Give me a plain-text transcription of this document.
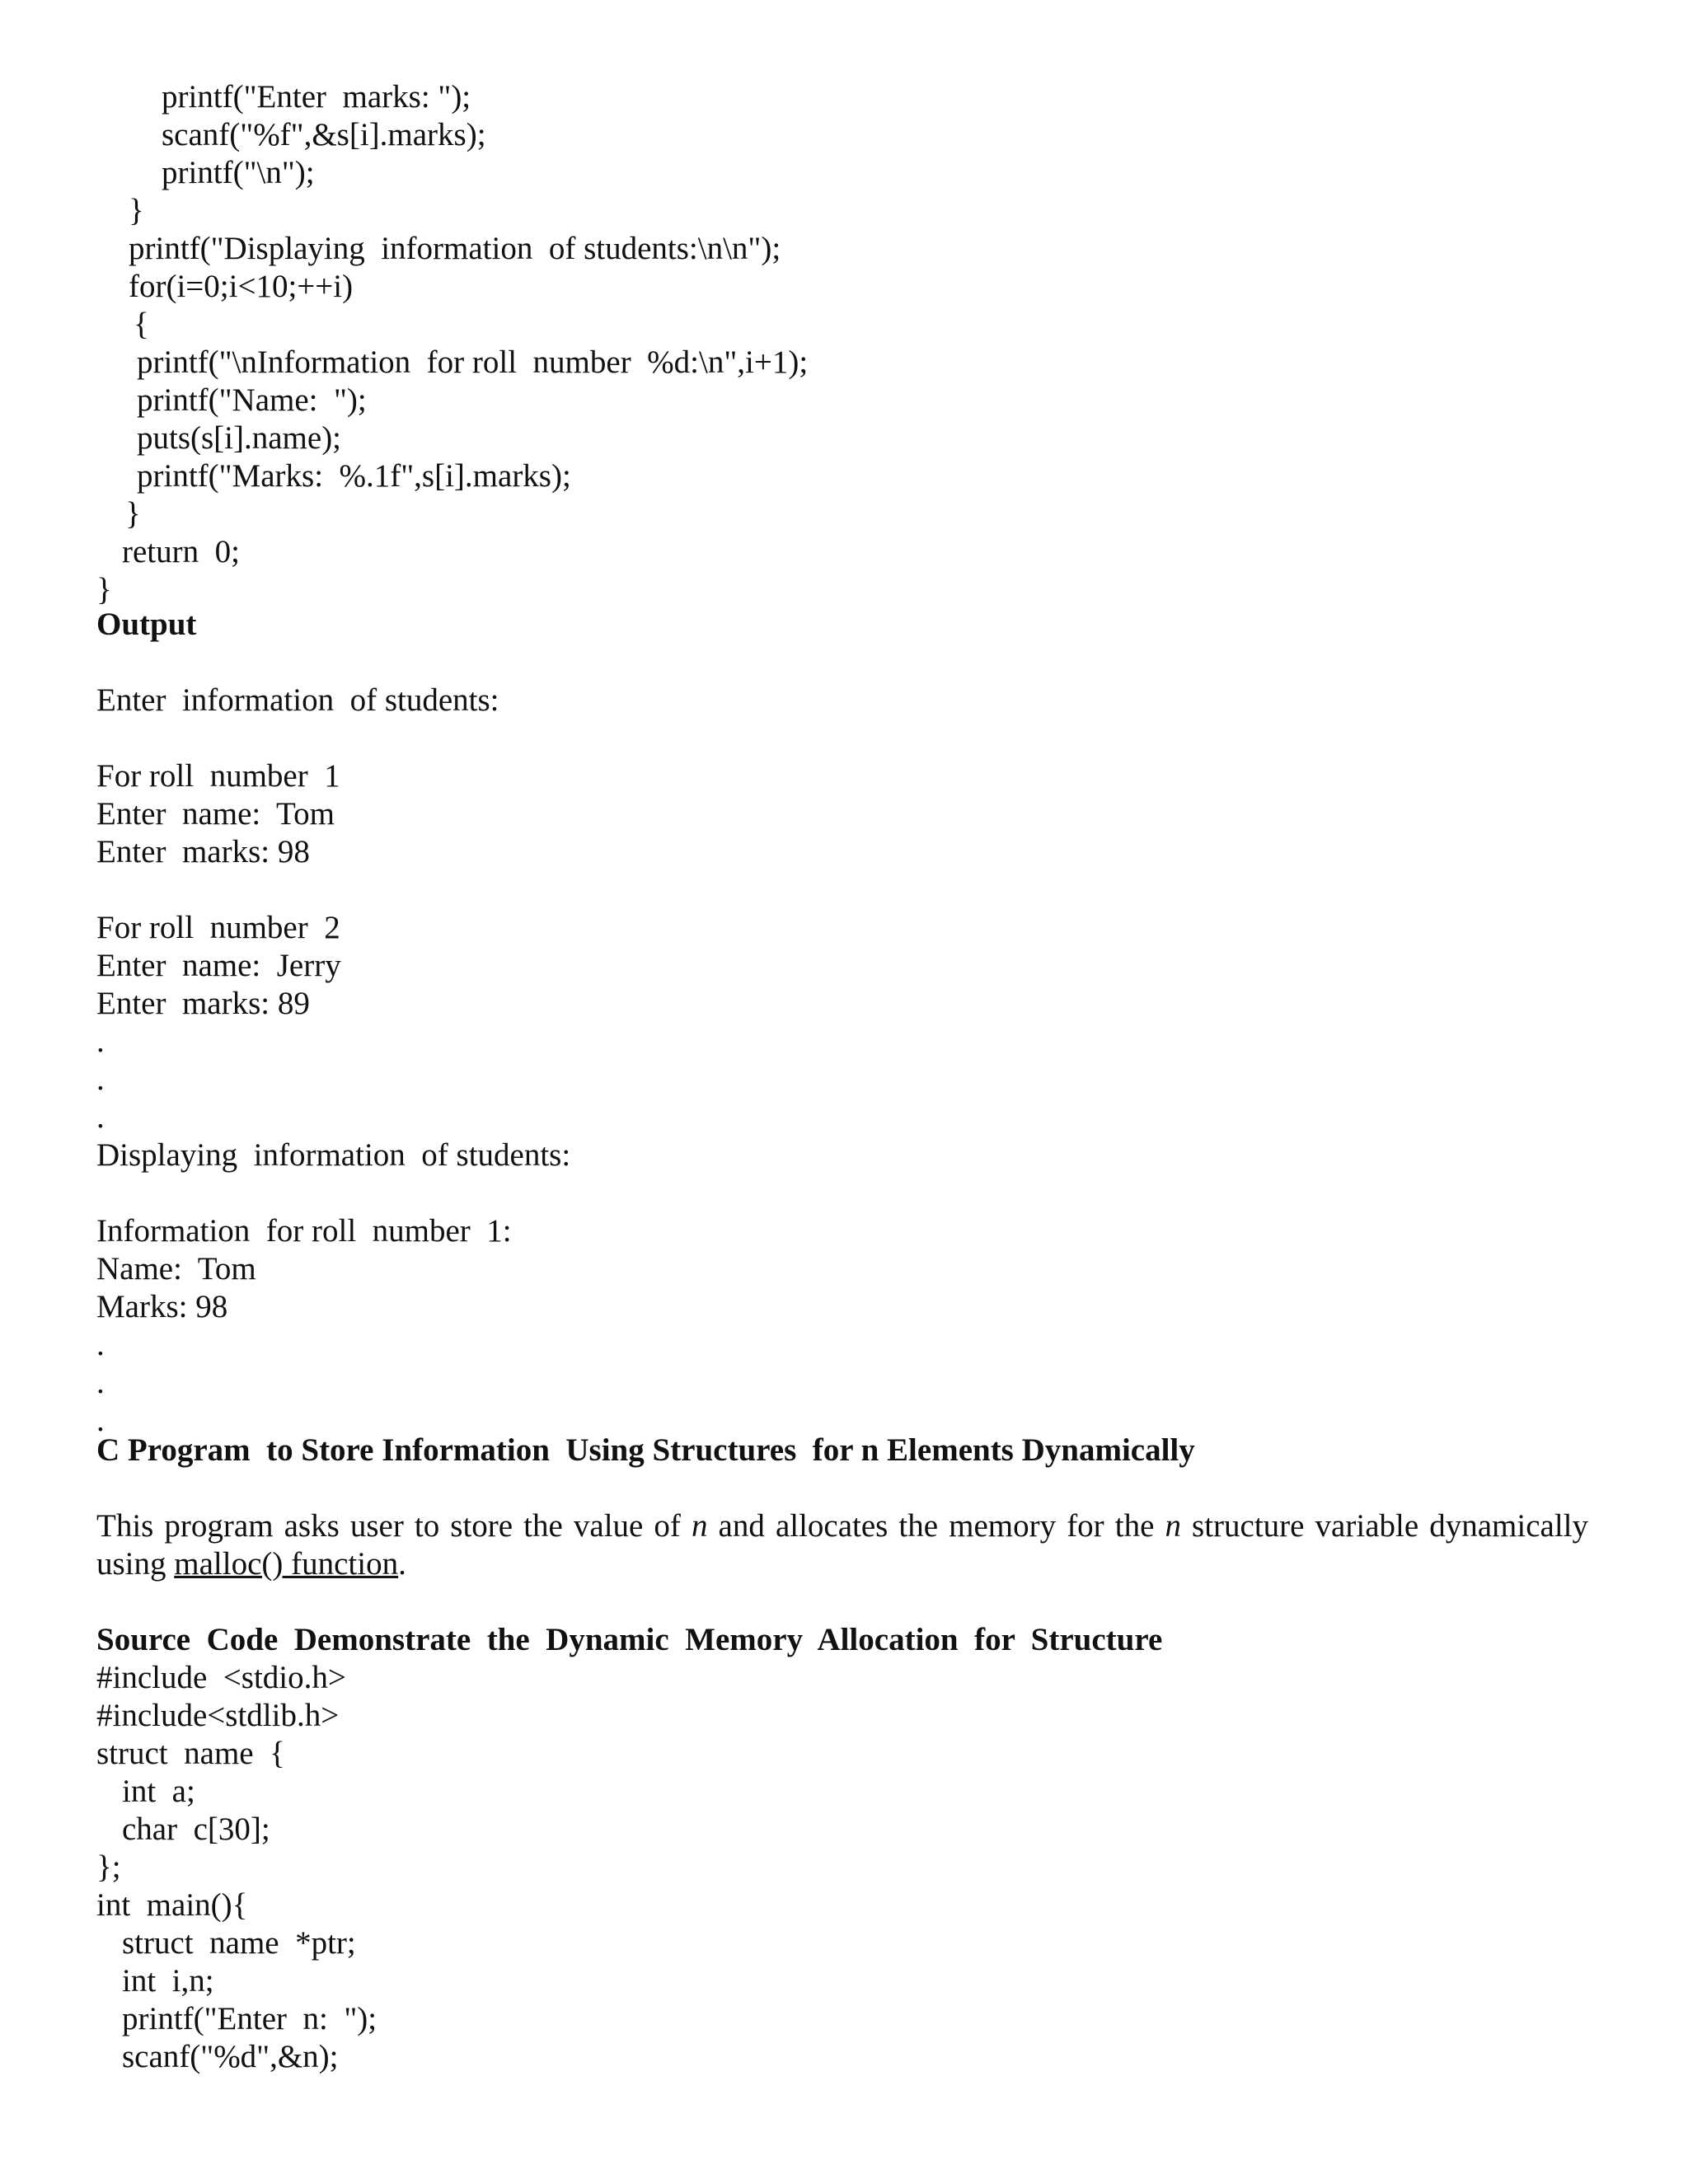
printf("Enter  marks: ");
scanf("%f",&s[i].marks);
printf("\n");
}
printf("Displaying  information  of students:\n\n");
for(i=0;i<10;++i)
{
printf("\nInformation  for roll  number  %d:\n",i+1);
printf("Name:  ");
puts(s[i].name);
printf("Marks:  %.1f",s[i].marks);
}
return  0;
}
Output
Enter  information  of students:
For roll  number  1
Enter  name:  Tom
Enter  marks: 98
For roll  number  2
Enter  name:  Jerry
Enter  marks: 89
.
.
.
Displaying  information  of students:
Information  for roll  number  1:
Name:  Tom
Marks: 98
.
.
.
C Program  to Store Information  Using Structures  for n Elements Dynamically
This program asks user to store the value of n and allocates the memory for the n structure variable dynamically using malloc() function.
Source  Code  Demonstrate  the  Dynamic  Memory  Allocation  for  Structure
#include  <stdio.h>
#include<stdlib.h>
struct  name  {
int  a;
char  c[30];
};
int  main(){
struct  name  *ptr;
int  i,n;
printf("Enter  n:  ");
scanf("%d",&n);
